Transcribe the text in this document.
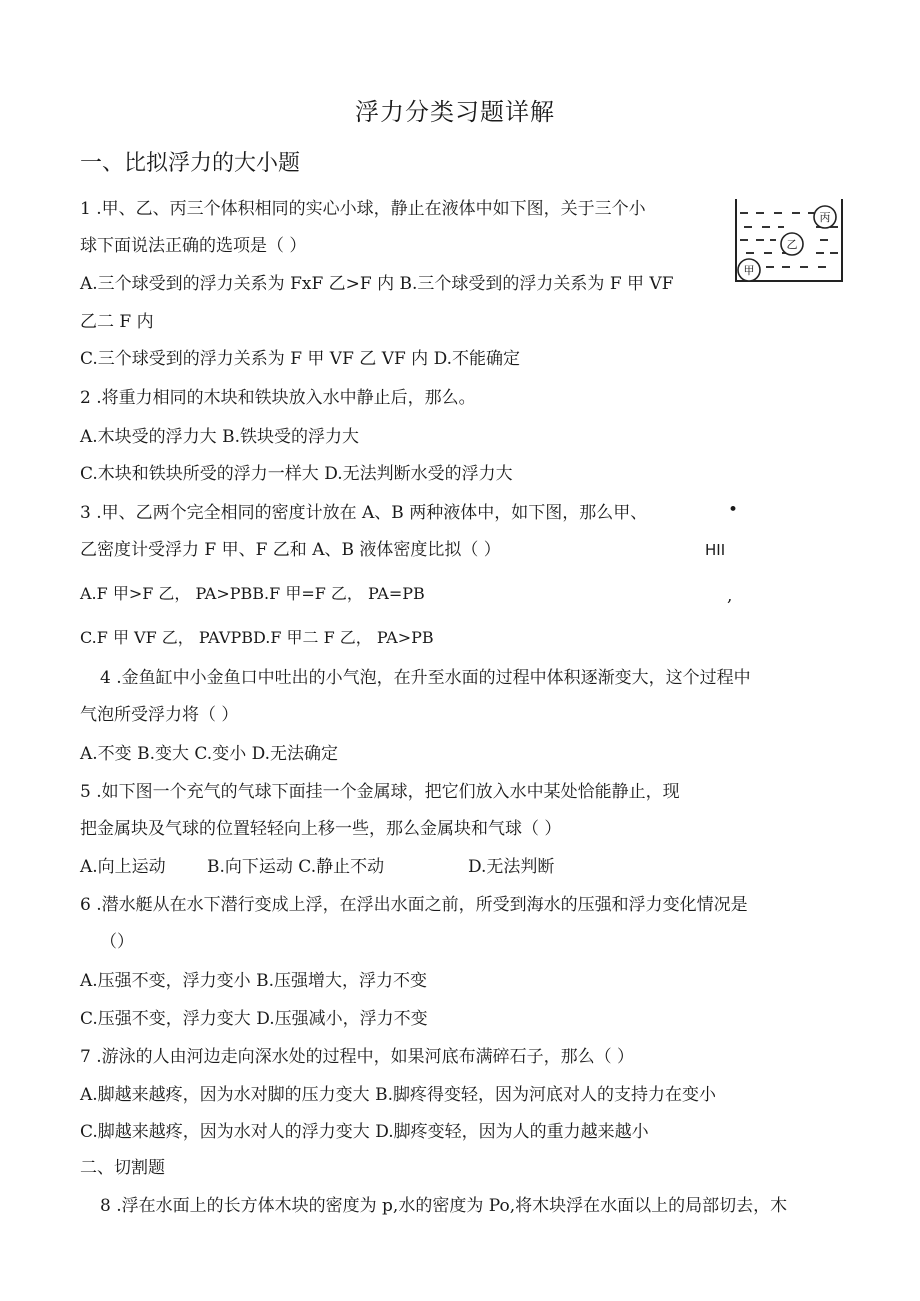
浮力分类习题详解
一、比拟浮力的大小题
1 .甲、乙、丙三个体积相同的实心小球，静止在液体中如下图，关于三个小
球下面说法正确的选项是（ ）
A.三个球受到的浮力关系为 FxF 乙>F 内 B.三个球受到的浮力关系为 F 甲 VF
乙二 F 内
C.三个球受到的浮力关系为 F 甲 VF 乙 VF 内 D.不能确定
丙
乙
甲
2 .将重力相同的木块和铁块放入水中静止后，那么。
A.木块受的浮力大 B.铁块受的浮力大
C.木块和铁块所受的浮力一样大 D.无法判断水受的浮力大
3 .甲、乙两个完全相同的密度计放在 A、B 两种液体中，如下图，那么甲、	•
乙密度计受浮力 F 甲、F 乙和 A、B 液体密度比拟（ ）	HII
A.F 甲>F 乙， PA>PBB.F 甲=F 乙， PA=PB	,
C.F 甲 VF 乙， PAVPBD.F 甲二 F 乙， PA>PB
4 .金鱼缸中小金鱼口中吐出的小气泡，在升至水面的过程中体积逐渐变大，这个过程中
气泡所受浮力将（ ）
A.不变 B.变大 C.变小 D.无法确定
5 .如下图一个充气的气球下面挂一个金属球，把它们放入水中某处恰能静止，现
把金属块及气球的位置轻轻向上移一些，那么金属块和气球（ ）
A.向上运动 B.向下运动 C.静止不动	D.无法判断
6 .潜水艇从在水下潜行变成上浮，在浮出水面之前，所受到海水的压强和浮力变化情况是
（）
A.压强不变，浮力变小 B.压强增大，浮力不变
C.压强不变，浮力变大 D.压强减小，浮力不变
7 .游泳的人由河边走向深水处的过程中，如果河底布满碎石子，那么（ ）
A.脚越来越疼，因为水对脚的压力变大 B.脚疼得变轻，因为河底对人的支持力在变小
C.脚越来越疼，因为水对人的浮力变大 D.脚疼变轻，因为人的重力越来越小
二、切割题
8 .浮在水面上的长方体木块的密度为 p,水的密度为 Po,将木块浮在水面以上的局部切去，木
